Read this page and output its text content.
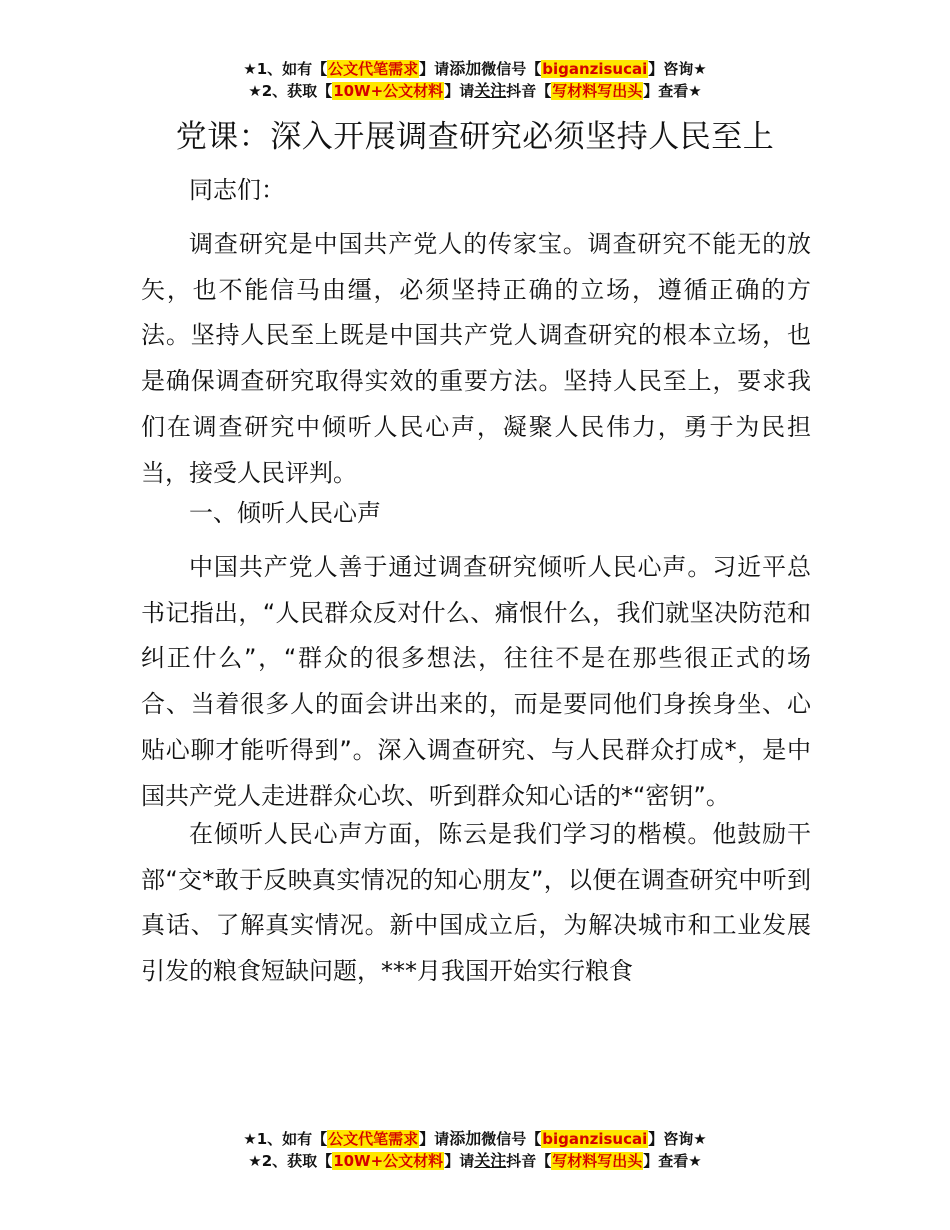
★1、如有【公文代笔需求】请添加微信号【biganzisucai】咨询★
★2、获取【10W+公文材料】请关注抖音【写材料写出头】查看★
党课：深入开展调查研究必须坚持人民至上

同志们：

调查研究是中国共产党人的传家宝。调查研究不能无的放矢，也不能信马由缰，必须坚持正确的立场，遵循正确的方法。坚持人民至上既是中国共产党人调查研究的根本立场，也是确保调查研究取得实效的重要方法。坚持人民至上，要求我们在调查研究中倾听人民心声，凝聚人民伟力，勇于为民担当，接受人民评判。

一、倾听人民心声

中国共产党人善于通过调查研究倾听人民心声。习近平总书记指出，“人民群众反对什么、痛恨什么，我们就坚决防范和纠正什么”，“群众的很多想法，往往不是在那些很正式的场合、当着很多人的面会讲出来的，而是要同他们身挨身坐、心贴心聊才能听得到”。深入调查研究、与人民群众打成*，是中国共产党人走进群众心坎、听到群众知心话的*“密钥”。

在倾听人民心声方面，陈云是我们学习的楷模。他鼓励干部“交*敢于反映真实情况的知心朋友”，以便在调查研究中听到真话、了解真实情况。新中国成立后，为解决城市和工业发展引发的粮食短缺问题，***月我国开始实行粮食

★1、如有【公文代笔需求】请添加微信号【biganzisucai】咨询★
★2、获取【10W+公文材料】请关注抖音【写材料写出头】查看★
